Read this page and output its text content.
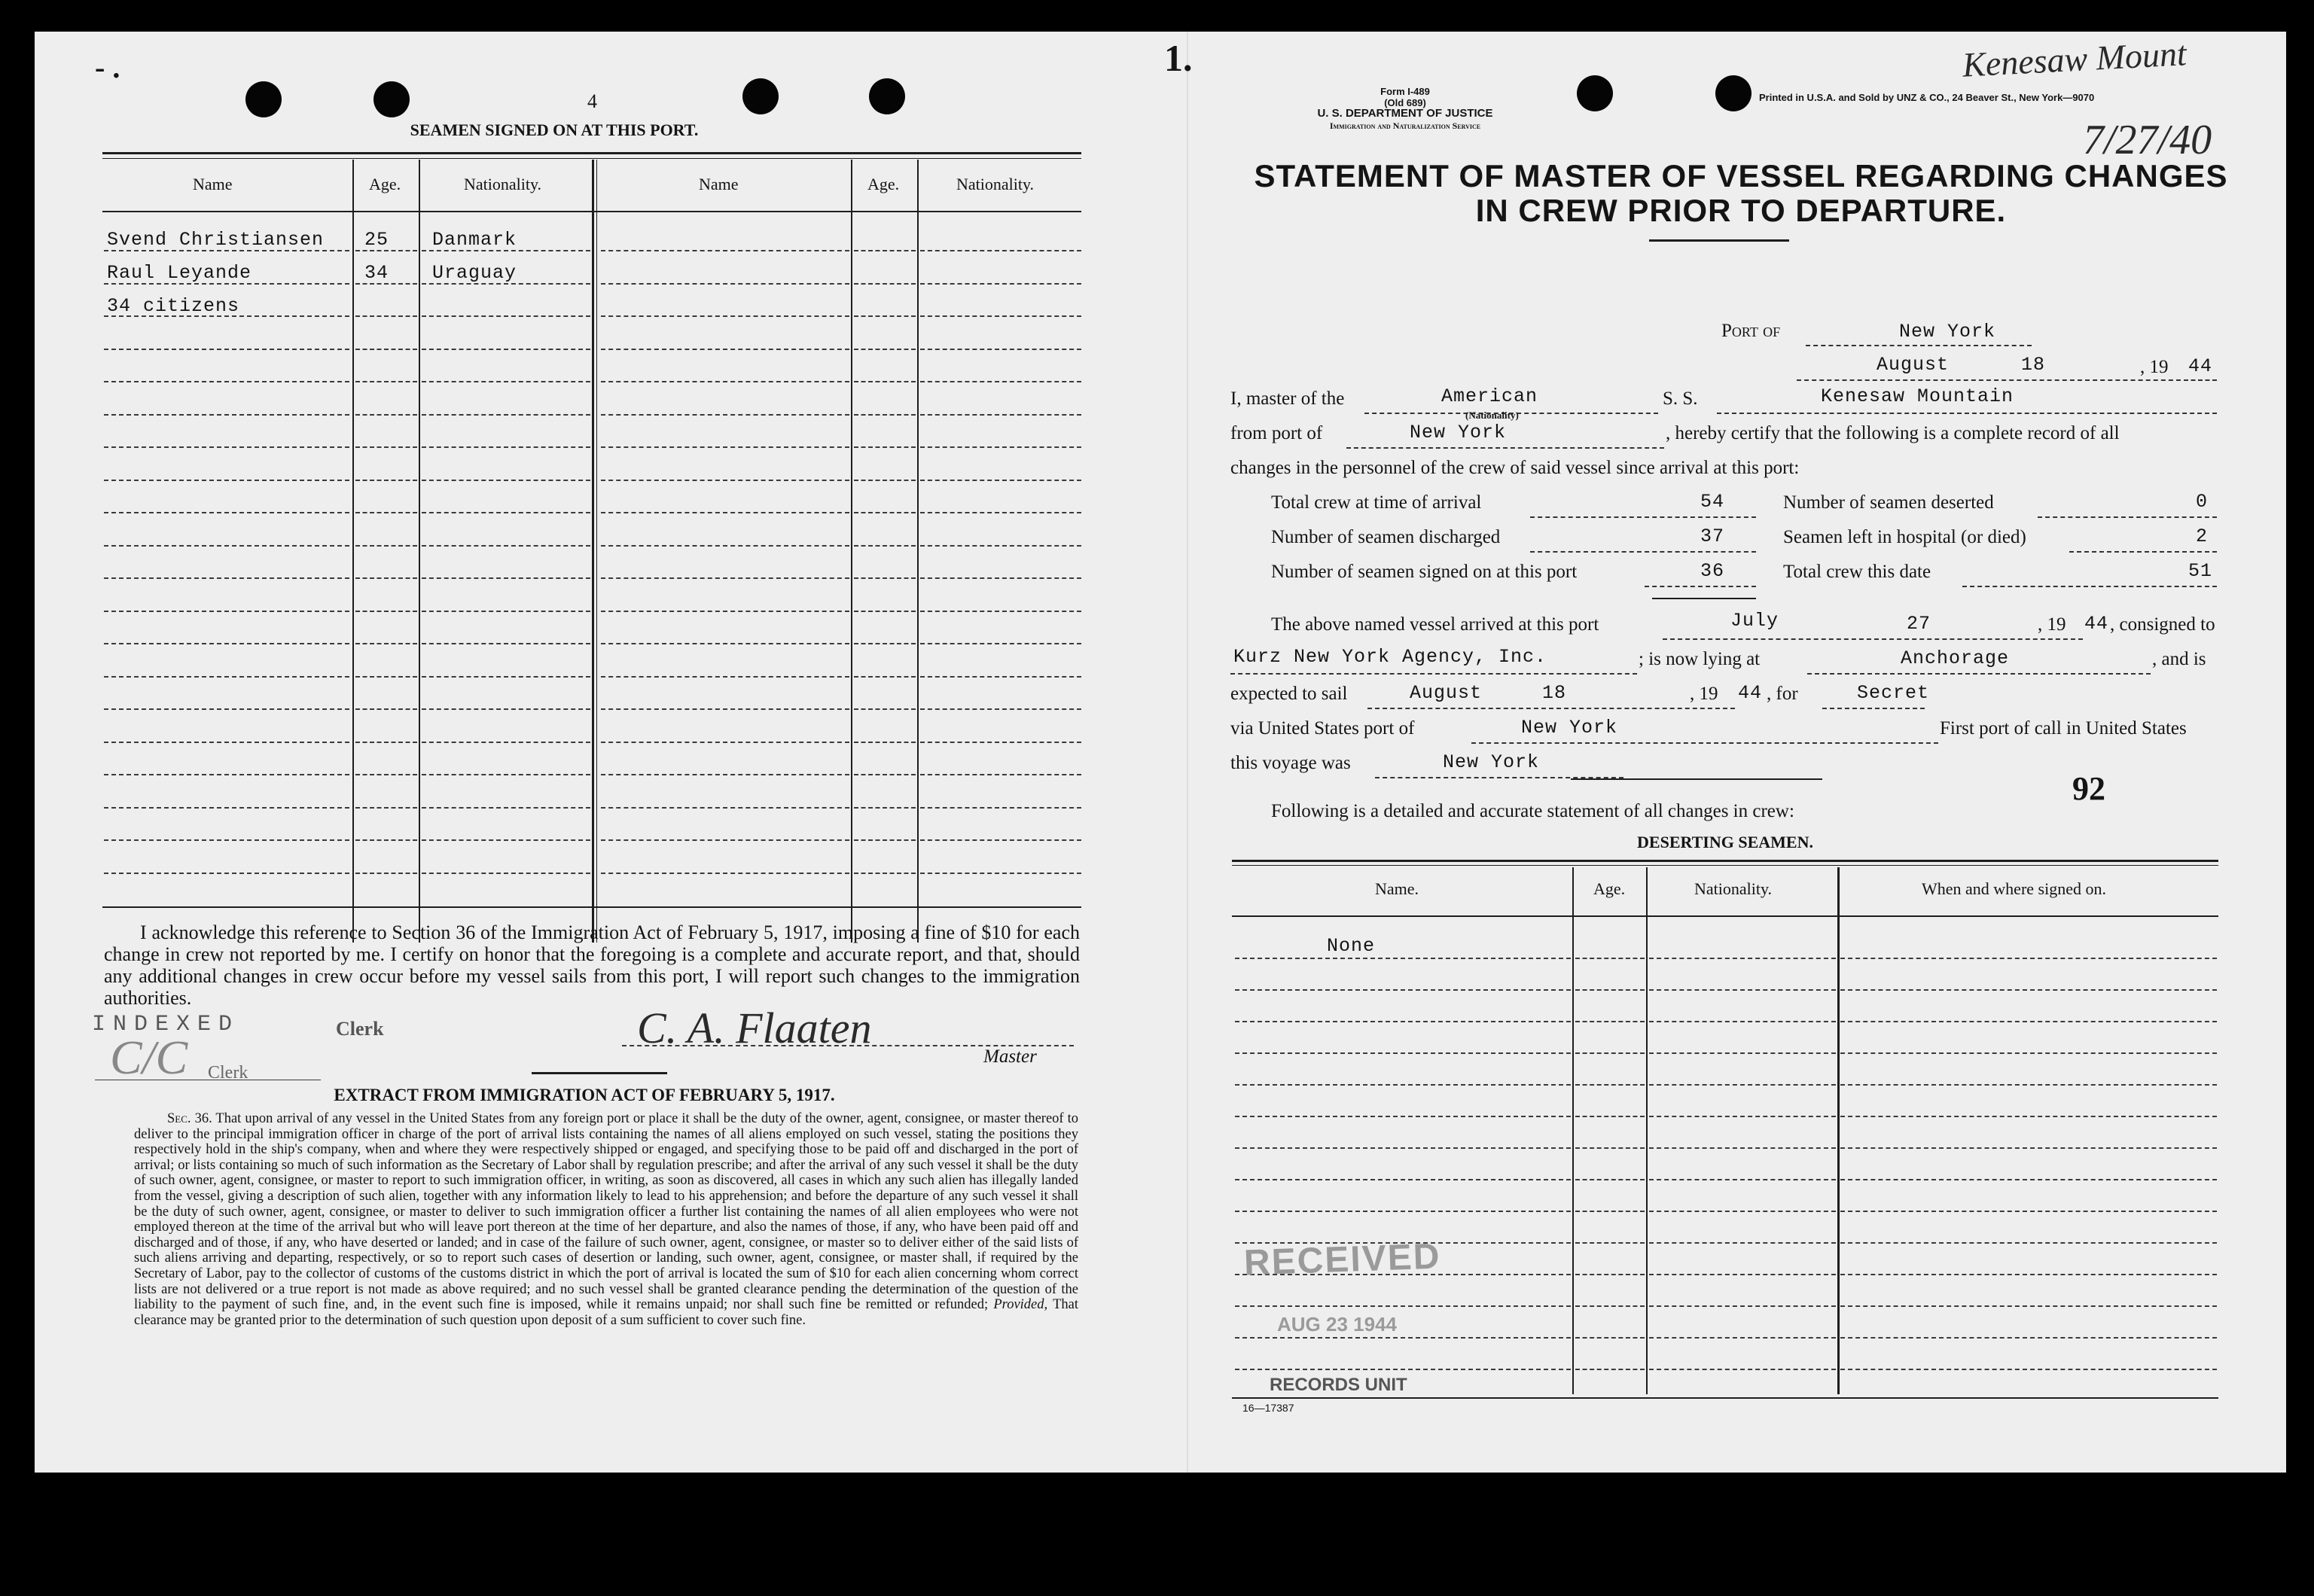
- .	1.	Kenesaw Mount
7/27/40
4
SEAMEN SIGNED ON AT THIS PORT.
Name	Age.	Nationality.	Name	Age.	Nationality.
Svend Christiansen 25 Danmark
Raul Leyande	34 Uraguay
34 citizens
I acknowledge this reference to Section 36 of the Immigration Act of February 5, 1917, imposing a fine of $10 for each change in crew not reported by me. I certify on honor that the foregoing is a complete and accurate report, and that, should any additional changes in crew occur before my vessel sails from this port, I will report such changes to the immigration authorities.
INDEXED
C/C Clerk
Clerk	C. A. Flaaten
Master
EXTRACT FROM IMMIGRATION ACT OF FEBRUARY 5, 1917.
Sec. 36. That upon arrival of any vessel in the United States from any foreign port or place it shall be the duty of the owner, agent, consignee, or master thereof to deliver to the principal immigration officer in charge of the port of arrival lists containing the names of all aliens employed on such vessel, stating the positions they respectively hold in the ship's company, when and where they were respectively shipped or engaged, and specifying those to be paid off and discharged in the port of arrival; or lists containing so much of such information as the Secretary of Labor shall by regulation prescribe; and after the arrival of any such vessel it shall be the duty of such owner, agent, consignee, or master to report to such immigration officer, in writing, as soon as discovered, all cases in which any such alien has illegally landed from the vessel, giving a description of such alien, together with any information likely to lead to his apprehension; and before the departure of any such vessel it shall be the duty of such owner, agent, consignee, or master to deliver to such immigration officer a further list containing the names of all alien employees who were not employed thereon at the time of the arrival but who will leave port thereon at the time of her departure, and also the names of those, if any, who have been paid off and discharged and of those, if any, who have deserted or landed; and in case of the failure of such owner, agent, consignee, or master so to deliver either of the said lists of such aliens arriving and departing, respectively, or so to report such cases of desertion or landing, such owner, agent, consignee, or master shall, if required by the Secretary of Labor, pay to the collector of customs of the customs district in which the port of arrival is located the sum of $10 for each alien concerning whom correct lists are not delivered or a true report is not made as above required; and no such vessel shall be granted clearance pending the determination of the question of the liability to the payment of such fine, and, in the event such fine is imposed, while it remains unpaid; nor shall such fine be remitted or refunded; Provided, That clearance may be granted prior to the determination of such question upon deposit of a sum sufficient to cover such fine.
Form I-489
(Old 689)
U. S. DEPARTMENT OF JUSTICE
Immigration and Naturalization Service
Printed in U.S.A. and Sold by UNZ & CO., 24 Beaver St., New York—9070
STATEMENT OF MASTER OF VESSEL REGARDING CHANGES
IN CREW PRIOR TO DEPARTURE.
Port of	New York
August      18	, 19 44
I, master of the	American
(Nationality)
S. S.	Kenesaw Mountain
from port of	New York	, hereby certify that the following is a complete record of all
changes in the personnel of the crew of said vessel since arrival at this port:
Total crew at time of arrival	54
Number of seamen discharged	37
Number of seamen signed on at this port	36
Number of seamen deserted	0
Seamen left in hospital (or died)	2
Total crew this date	51
The above named vessel arrived at this port	July	27	, 19 44 , consigned to
Kurz New York Agency, Inc.	; is now lying at	Anchorage	, and is
expected to sail	August     18	, 19 44 , for	Secret
via United States port of	New York	First port of call in United States
this voyage was	New York
92
Following is a detailed and accurate statement of all changes in crew:
DESERTING SEAMEN.
Name.	Age.	Nationality.	When and where signed on.
None
RECEIVED
AUG 23 1944
RECORDS UNIT
16—17387
